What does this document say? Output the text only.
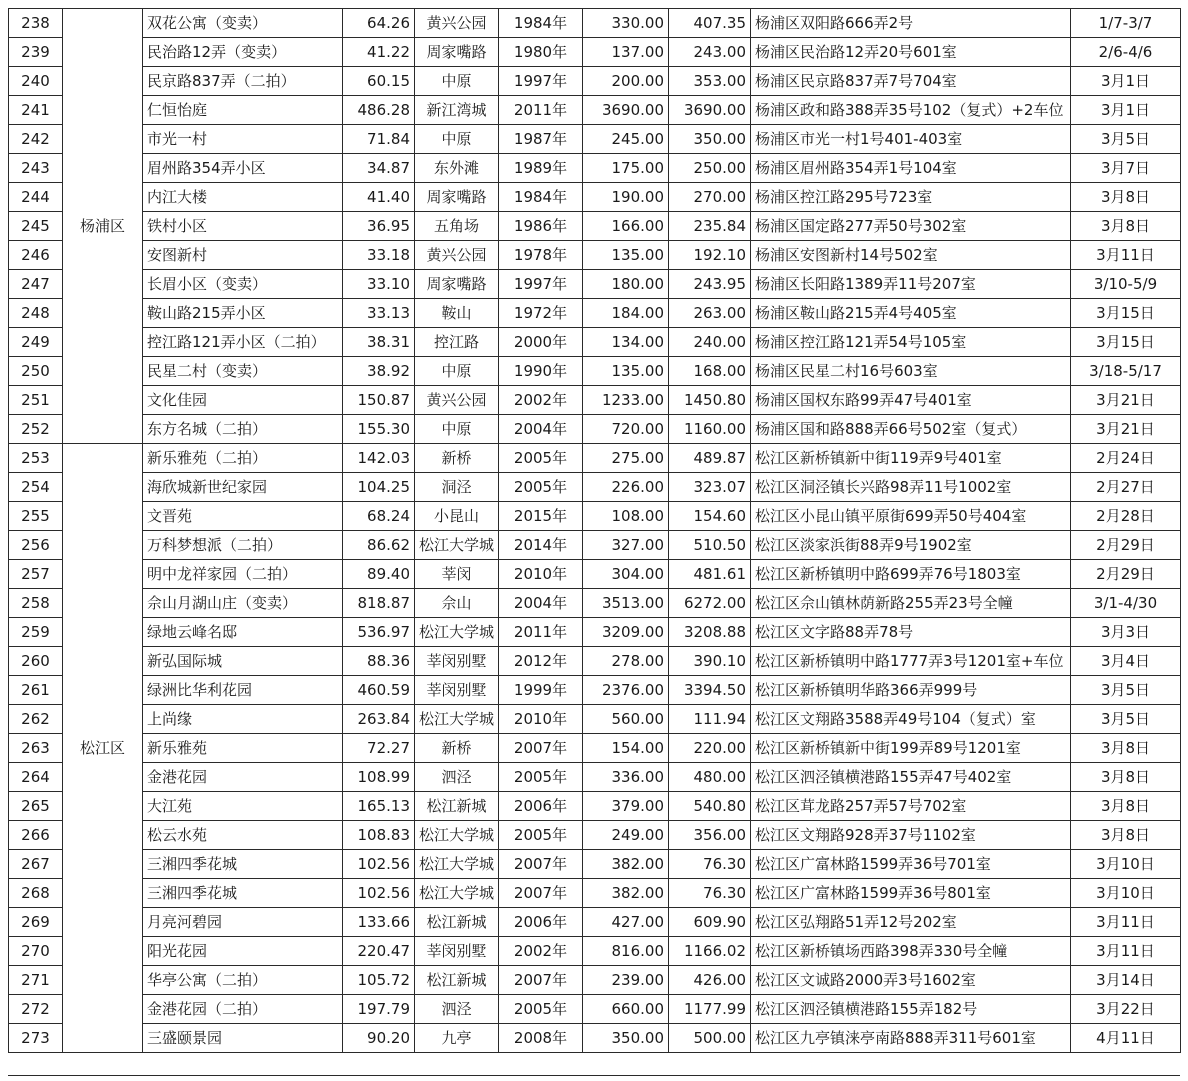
238	杨浦区	双花公寓（变卖）	64.26	黄兴公园	1984年	330.00	407.35	杨浦区双阳路666弄2号	1/7-3/7
239		民治路12弄（变卖）	41.22	周家嘴路	1980年	137.00	243.00	杨浦区民治路12弄20号601室	2/6-4/6
240		民京路837弄（二拍）	60.15	中原	1997年	200.00	353.00	杨浦区民京路837弄7号704室	3月1日
241		仁恒怡庭	486.28	新江湾城	2011年	3690.00	3690.00	杨浦区政和路388弄35号102（复式）+2车位	3月1日
242		市光一村	71.84	中原	1987年	245.00	350.00	杨浦区市光一村1号401-403室	3月5日
243		眉州路354弄小区	34.87	东外滩	1989年	175.00	250.00	杨浦区眉州路354弄1号104室	3月7日
244		内江大楼	41.40	周家嘴路	1984年	190.00	270.00	杨浦区控江路295号723室	3月8日
245		铁村小区	36.95	五角场	1986年	166.00	235.84	杨浦区国定路277弄50号302室	3月8日
246		安图新村	33.18	黄兴公园	1978年	135.00	192.10	杨浦区安图新村14号502室	3月11日
247		长眉小区（变卖）	33.10	周家嘴路	1997年	180.00	243.95	杨浦区长阳路1389弄11号207室	3/10-5/9
248		鞍山路215弄小区	33.13	鞍山	1972年	184.00	263.00	杨浦区鞍山路215弄4号405室	3月15日
249		控江路121弄小区（二拍）	38.31	控江路	2000年	134.00	240.00	杨浦区控江路121弄54号105室	3月15日
250		民星二村（变卖）	38.92	中原	1990年	135.00	168.00	杨浦区民星二村16号603室	3/18-5/17
251		文化佳园	150.87	黄兴公园	2002年	1233.00	1450.80	杨浦区国权东路99弄47号401室	3月21日
252		东方名城（二拍）	155.30	中原	2004年	720.00	1160.00	杨浦区国和路888弄66号502室（复式）	3月21日
253	松江区	新乐雅苑（二拍）	142.03	新桥	2005年	275.00	489.87	松江区新桥镇新中街119弄9号401室	2月24日
254		海欣城新世纪家园	104.25	洞泾	2005年	226.00	323.07	松江区洞泾镇长兴路98弄11号1002室	2月27日
255		文晋苑	68.24	小昆山	2015年	108.00	154.60	松江区小昆山镇平原街699弄50号404室	2月28日
256		万科梦想派（二拍）	86.62	松江大学城	2014年	327.00	510.50	松江区淡家浜街88弄9号1902室	2月29日
257		明中龙祥家园（二拍）	89.40	莘闵	2010年	304.00	481.61	松江区新桥镇明中路699弄76号1803室	2月29日
258		佘山月湖山庄（变卖）	818.87	佘山	2004年	3513.00	6272.00	松江区佘山镇林荫新路255弄23号全幢	3/1-4/30
259		绿地云峰名邸	536.97	松江大学城	2011年	3209.00	3208.88	松江区文字路88弄78号	3月3日
260		新弘国际城	88.36	莘闵别墅	2012年	278.00	390.10	松江区新桥镇明中路1777弄3号1201室+车位	3月4日
261		绿洲比华利花园	460.59	莘闵别墅	1999年	2376.00	3394.50	松江区新桥镇明华路366弄999号	3月5日
262		上尚缘	263.84	松江大学城	2010年	560.00	111.94	松江区文翔路3588弄49号104（复式）室	3月5日
263		新乐雅苑	72.27	新桥	2007年	154.00	220.00	松江区新桥镇新中街199弄89号1201室	3月8日
264		金港花园	108.99	泗泾	2005年	336.00	480.00	松江区泗泾镇横港路155弄47号402室	3月8日
265		大江苑	165.13	松江新城	2006年	379.00	540.80	松江区茸龙路257弄57号702室	3月8日
266		松云水苑	108.83	松江大学城	2005年	249.00	356.00	松江区文翔路928弄37号1102室	3月8日
267		三湘四季花城	102.56	松江大学城	2007年	382.00	76.30	松江区广富林路1599弄36号701室	3月10日
268		三湘四季花城	102.56	松江大学城	2007年	382.00	76.30	松江区广富林路1599弄36号801室	3月10日
269		月亮河碧园	133.66	松江新城	2006年	427.00	609.90	松江区弘翔路51弄12号202室	3月11日
270		阳光花园	220.47	莘闵别墅	2002年	816.00	1166.02	松江区新桥镇场西路398弄330号全幢	3月11日
271		华亭公寓（二拍）	105.72	松江新城	2007年	239.00	426.00	松江区文诚路2000弄3号1602室	3月14日
272		金港花园（二拍）	197.79	泗泾	2005年	660.00	1177.99	松江区泗泾镇横港路155弄182号	3月22日
273		三盛颐景园	90.20	九亭	2008年	350.00	500.00	松江区九亭镇涞亭南路888弄311号601室	4月11日
